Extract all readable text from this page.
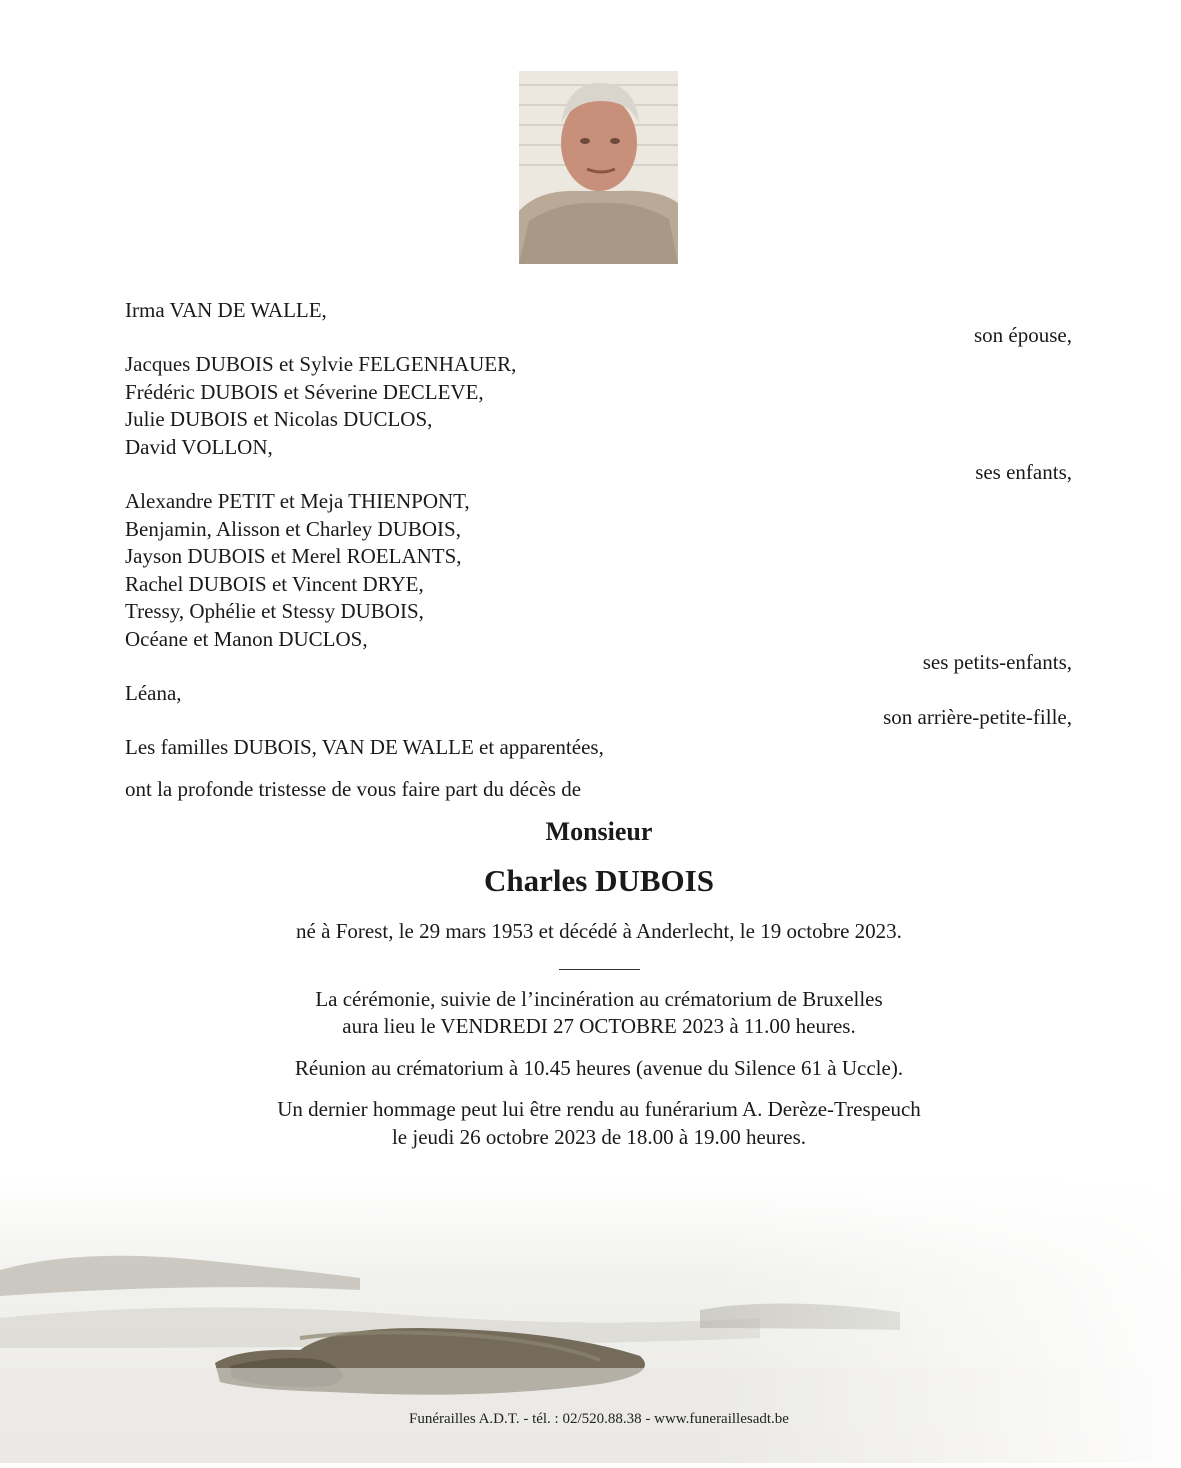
Irma VAN DE WALLE,
son épouse,
Jacques DUBOIS et Sylvie FELGENHAUER,
Frédéric DUBOIS et Séverine DECLEVE,
Julie DUBOIS et Nicolas DUCLOS,
David VOLLON,
ses enfants,
Alexandre PETIT et Meja THIENPONT,
Benjamin, Alisson et Charley DUBOIS,
Jayson DUBOIS et Merel ROELANTS,
Rachel DUBOIS et Vincent DRYE,
Tressy, Ophélie et Stessy DUBOIS,
Océane et Manon DUCLOS,
ses petits-enfants,
Léana,
son arrière-petite-fille,
Les familles DUBOIS, VAN DE WALLE et apparentées,
ont la profonde tristesse de vous faire part du décès de
Monsieur
Charles DUBOIS
né à Forest, le 29 mars 1953 et décédé à Anderlecht, le 19 octobre 2023.
La cérémonie, suivie de l’incinération au crématorium de Bruxelles
aura lieu le VENDREDI 27 OCTOBRE 2023 à 11.00 heures.
Réunion au crématorium à 10.45 heures (avenue du Silence 61 à Uccle).
Un dernier hommage peut lui être rendu au funérarium A. Derèze-Trespeuch
le jeudi 26 octobre 2023 de 18.00 à 19.00 heures.
Funérailles A.D.T. - tél. : 02/520.88.38 - www.funeraillesadt.be
